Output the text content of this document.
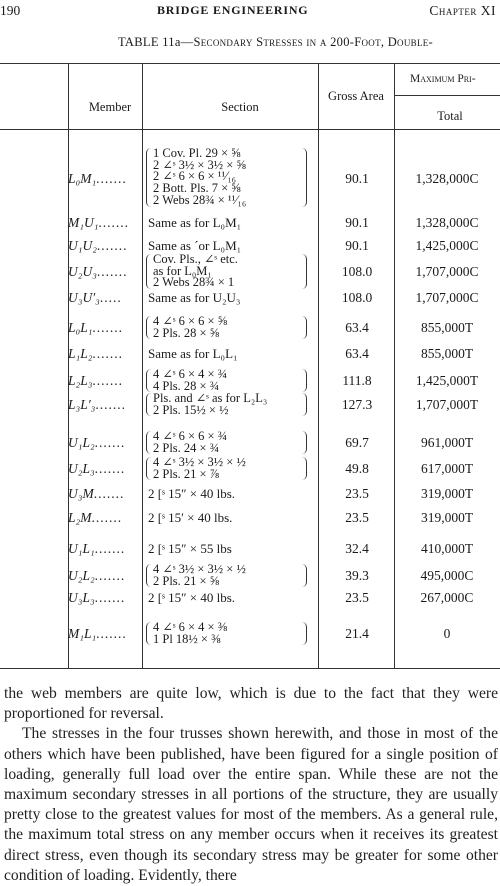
190	BRIDGE ENGINEERING	Chapter XI
TABLE 11a—Secondary Stresses in a 200-Foot, Double-
Member	Section
Gross Area
Maximum Pri-
Total
L₀M₁.......
1 Cov. Pl. 29 × ⅝
2 ∠ˢ 3½ × 3½ × ⅝
2 ∠ˢ 6 × 6 × ¹¹⁄₁₆
2 Bott. Pls. 7 × ⅝
2 Webs 28¾ × ¹¹⁄₁₆
90.1	1,328,000C
M₁U₁....... Same as for L₀M₁	90.1	1,328,000C
U₁U₂....... Same as ´or L₀M₁	90.1	1,425,000C
U₂U₃.......
Cov. Pls., ∠ˢ etc.
as for L₀M₁
2 Webs 28¾ × 1
108.0	1,707,000C
U₃U′₃..... Same as for U₂U₃	108.0	1,707,000C
L₀L₁....... 4 ∠ˢ 6 × 6 × ⅝
2 Pls. 28 × ⅝	63.4	855,000T
L₁L₂....... Same as for L₀L₁	63.4	855,000T
L₂L₃....... 4 ∠ˢ 6 × 4 × ¾
4 Pls. 28 × ¾	111.8	1,425,000T
L₃L′₃....... Pls. and ∠ˢ as for L₂L₃
2 Pls. 15½ × ½	127.3	1,707,000T
U₁L₂....... 4 ∠ˢ 6 × 6 × ¾
2 Pls. 24 × ¾	69.7	961,000T
U₂L₃....... 4 ∠ˢ 3½ × 3½ × ½
2 Pls. 21 × ⅞	49.8	617,000T
U₃M....... 2 [ˢ 15″ × 40 lbs.	23.5	319,000T
L₂M....... 2 [ˢ 15′ × 40 lbs.	23.5	319,000T
U₁L₁....... 2 [ˢ 15″ × 55 lbs	32.4	410,000T
U₂L₂....... 4 ∠ˢ 3½ × 3½ × ½
2 Pls. 21 × ⅝	39.3	495,000C
U₃L₃....... 2 [ˢ 15″ × 40 lbs.	23.5	267,000C
M₁L₁....... 4 ∠ˢ 6 × 4 × ⅜
1 Pl 18½ × ⅜	21.4	0

the web members are quite low, which is due to the fact that they were proportioned for reversal.

The stresses in the four trusses shown herewith, and those in most of the others which have been published, have been figured for a single position of loading, generally full load over the entire span. While these are not the maximum secondary stresses in all portions of the structure, they are usually pretty close to the greatest values for most of the members. As a general rule, the maximum total stress on any member occurs when it receives its greatest direct stress, even though its secondary stress may be greater for some other condition of loading. Evidently, there
